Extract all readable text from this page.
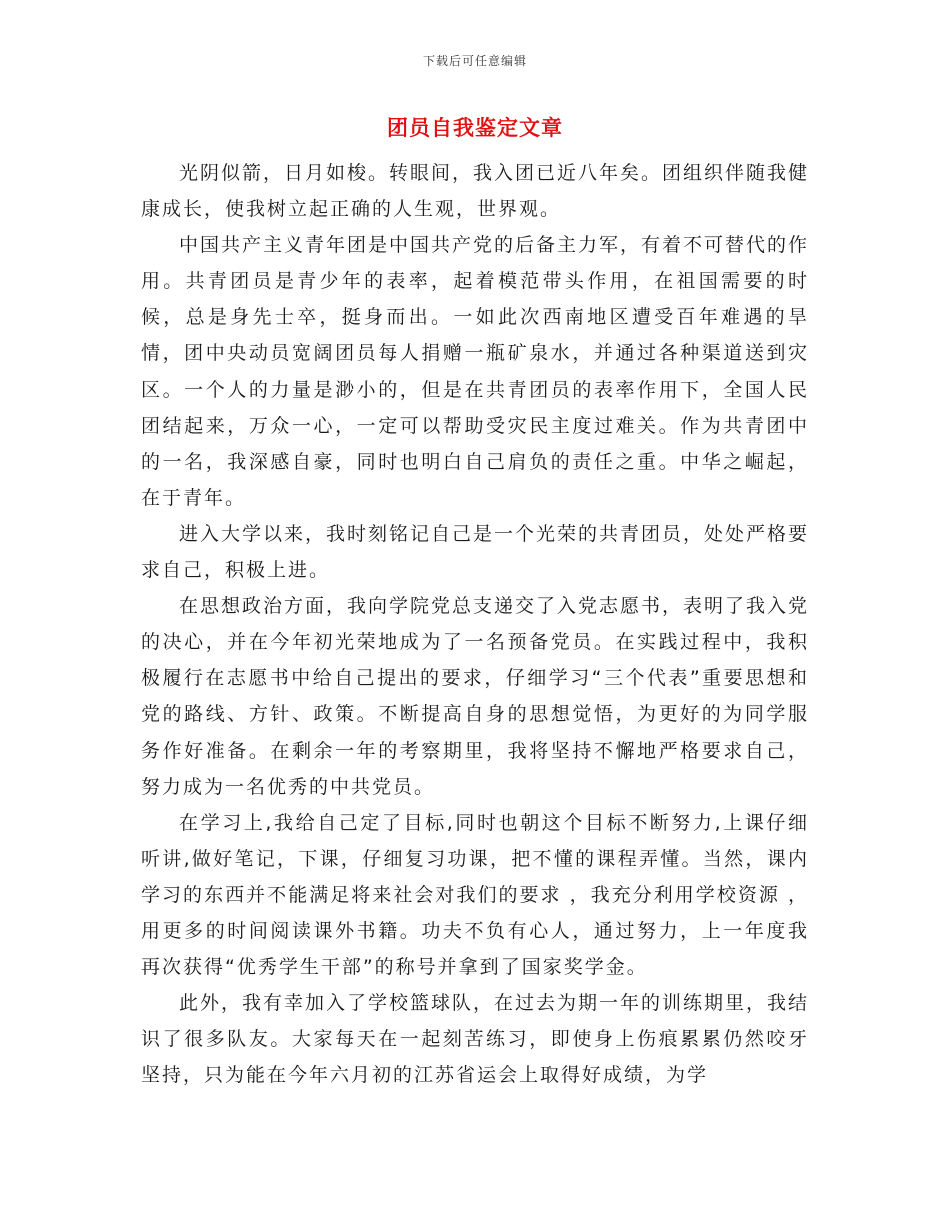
下载后可任意编辑
团员自我鉴定文章

光阴似箭，日月如梭。转眼间，我入团已近八年矣。团组织伴随我健康成长，使我树立起正确的人生观，世界观。

中国共产主义青年团是中国共产党的后备主力军，有着不可替代的作用。共青团员是青少年的表率，起着模范带头作用，在祖国需要的时候，总是身先士卒，挺身而出。一如此次西南地区遭受百年难遇的旱情，团中央动员宽阔团员每人捐赠一瓶矿泉水，并通过各种渠道送到灾区。一个人的力量是渺小的，但是在共青团员的表率作用下，全国人民团结起来，万众一心，一定可以帮助受灾民主度过难关。作为共青团中的一名，我深感自豪，同时也明白自己肩负的责任之重。中华之崛起，在于青年。

进入大学以来，我时刻铭记自己是一个光荣的共青团员，处处严格要求自己，积极上进。

在思想政治方面，我向学院党总支递交了入党志愿书，表明了我入党的决心，并在今年初光荣地成为了一名预备党员。在实践过程中，我积极履行在志愿书中给自己提出的要求，仔细学习“三个代表”重要思想和党的路线、方针、政策。不断提高自身的思想觉悟，为更好的为同学服务作好准备。在剩余一年的考察期里，我将坚持不懈地严格要求自己，努力成为一名优秀的中共党员。

在学习上,我给自己定了目标,同时也朝这个目标不断努力,上课仔细听讲,做好笔记，下课，仔细复习功课，把不懂的课程弄懂。当然，课内学习的东西并不能满足将来社会对我们的要求 ，我充分利用学校资源 ，用更多的时间阅读课外书籍。功夫不负有心人，通过努力，上一年度我再次获得“优秀学生干部”的称号并拿到了国家奖学金。

此外，我有幸加入了学校篮球队，在过去为期一年的训练期里，我结识了很多队友。大家每天在一起刻苦练习，即使身上伤痕累累仍然咬牙坚持，只为能在今年六月初的江苏省运会上取得好成绩，为学
